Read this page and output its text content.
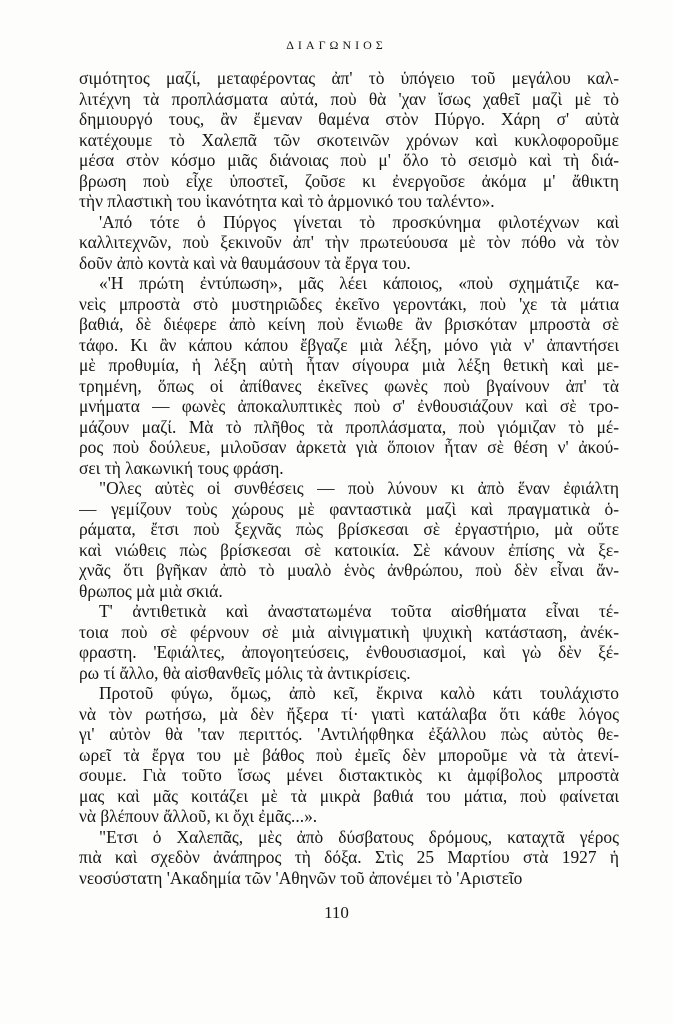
ΔΙΑΓΩΝΙΟΣ
σιμότητος μαζί, μεταφέροντας ἀπ' τὸ ὑπόγειο τοῦ μεγάλου καλ-
λιτέχνη τὰ προπλάσματα αὐτά, ποὺ θὰ 'χαν ἴσως χαθεῖ μαζὶ μὲ τὸ
δημιουργό τους, ἂν ἔμεναν θαμένα στὸν Πύργο. Χάρη σ' αὐτὰ
κατέχουμε τὸ Χαλεπᾶ τῶν σκοτεινῶν χρόνων καὶ κυκλοφοροῦμε
μέσα στὸν κόσμο μιᾶς διάνοιας ποὺ μ' ὅλο τὸ σεισμὸ καὶ τὴ διά-
βρωση ποὺ εἶχε ὑποστεῖ, ζοῦσε κι ἐνεργοῦσε ἀκόμα μ' ἄθικτη
τὴν πλαστικὴ του ἱκανότητα καὶ τὸ ἁρμονικό του ταλέντο».
'Από τότε ὁ Πύργος γίνεται τὸ προσκύνημα φιλοτέχνων καὶ
καλλιτεχνῶν, ποὺ ξεκινοῦν ἀπ' τὴν πρωτεύουσα μὲ τὸν πόθο νὰ τὸν
δοῦν ἀπὸ κοντὰ καὶ νὰ θαυμάσουν τὰ ἔργα του.
«'Η πρώτη ἐντύπωση», μᾶς λέει κάποιος, «ποὺ σχημάτιζε κα-
νεὶς μπροστὰ στὸ μυστηριῶδες ἐκεῖνο γεροντάκι, ποὺ 'χε τὰ μάτια
βαθιά, δὲ διέφερε ἀπὸ κείνη ποὺ ἔνιωθε ἂν βρισκόταν μπροστὰ σὲ
τάφο. Κι ἂν κάπου κάπου ἔβγαζε μιὰ λέξη, μόνο γιὰ ν' ἀπαντήσει
μὲ προθυμία, ἡ λέξη αὐτὴ ἦταν σίγουρα μιὰ λέξη θετικὴ καὶ με-
τρημένη, ὅπως οἱ ἀπίθανες ἐκεῖνες φωνὲς ποὺ βγαίνουν ἀπ' τὰ
μνήματα — φωνὲς ἀποκαλυπτικὲς ποὺ σ' ἐνθουσιάζουν καὶ σὲ τρο-
μάζουν μαζί. Μὰ τὸ πλῆθος τὰ προπλάσματα, ποὺ γιόμιζαν τὸ μέ-
ρος ποὺ δούλευε, μιλοῦσαν ἀρκετὰ γιὰ ὅποιον ἦταν σὲ θέση ν' ἀκού-
σει τὴ λακωνική τους φράση.
"Ολες αὐτὲς οἱ συνθέσεις — ποὺ λύνουν κι ἀπὸ ἕναν ἐφιάλτη
— γεμίζουν τοὺς χώρους μὲ φανταστικὰ μαζὶ καὶ πραγματικὰ ὁ-
ράματα, ἔτσι ποὺ ξεχνᾶς πὼς βρίσκεσαι σὲ ἐργαστήριο, μὰ οὔτε
καὶ νιώθεις πὼς βρίσκεσαι σὲ κατοικία. Σὲ κάνουν ἐπίσης νὰ ξε-
χνᾶς ὅτι βγῆκαν ἀπὸ τὸ μυαλὸ ἑνὸς ἀνθρώπου, ποὺ δὲν εἶναι ἄν-
θρωπος μὰ μιὰ σκιά.
Τ' ἀντιθετικὰ καὶ ἀναστατωμένα τοῦτα αἰσθήματα εἶναι τέ-
τοια ποὺ σὲ φέρνουν σὲ μιὰ αἰνιγματικὴ ψυχικὴ κατάσταση, ἀνέκ-
φραστη. 'Εφιάλτες, ἀπογοητεύσεις, ἐνθουσιασμοί, καὶ γὼ δὲν ξέ-
ρω τί ἄλλο, θὰ αἰσθανθεῖς μόλις τὰ ἀντικρίσεις.
Προτοῦ φύγω, ὅμως, ἀπὸ κεῖ, ἔκρινα καλὸ κάτι τουλάχιστο
νὰ τὸν ρωτήσω, μὰ δὲν ἤξερα τί· γιατὶ κατάλαβα ὅτι κάθε λόγος
γι' αὐτὸν θὰ 'ταν περιττός. 'Αντιλήφθηκα ἐξάλλου πὼς αὐτὸς θε-
ωρεῖ τὰ ἔργα του μὲ βάθος ποὺ ἐμεῖς δὲν μποροῦμε νὰ τὰ ἀτενί-
σουμε. Γιὰ τοῦτο ἴσως μένει διστακτικὸς κι ἀμφίβολος μπροστὰ
μας καὶ μᾶς κοιτάζει μὲ τὰ μικρὰ βαθιά του μάτια, ποὺ φαίνεται
νὰ βλέπουν ἄλλοῦ, κι ὄχι ἐμᾶς...».
"Ετσι ὁ Χαλεπᾶς, μὲς ἀπὸ δύσβατους δρόμους, καταχτᾶ γέρος
πιὰ καὶ σχεδὸν ἀνάπηρος τὴ δόξα. Στὶς 25 Μαρτίου στὰ 1927 ἡ
νεοσύστατη 'Ακαδημία τῶν 'Αθηνῶν τοῦ ἀπονέμει τὸ 'Αριστεῖο
110
